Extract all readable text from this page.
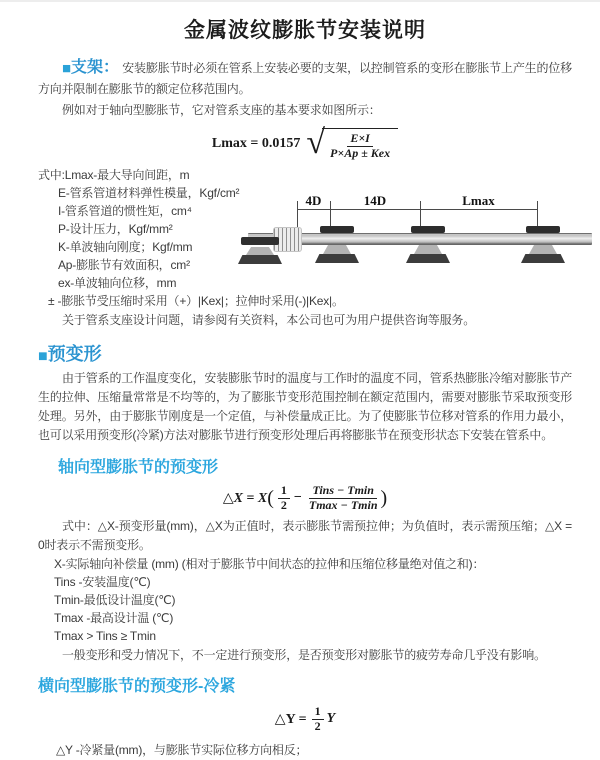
金属波纹膨胀节安装说明

■支架： 安装膨胀节时必须在管系上安装必要的支架，以控制管系的变形在膨胀节上产生的位移方向并限制在膨胀节的额定位移范围内。

例如对于轴向型膨胀节，它对管系支座的基本要求如图所示：

Lmax = 0.0157 √ $\frac{E\times I}{\text{P×Ap ± Kex}}$
式中:Lmax-最大导向间距，m
E-管系管道材料弹性模量，Kgf/cm²
I-管系管道的惯性矩，cm⁴
P-设计压力，Kgf/mm²
K-单波轴向刚度；Kgf/mm
Ap-膨胀节有效面积，cm²
ex-单波轴向位移，mm
± -膨胀节受压缩时采用（+）|Kex|；拉伸时采用(-)|Kex|。
关于管系支座设计问题，请参阅有关资料，本公司也可为用户提供咨询等服务。
■预变形

由于管系的工作温度变化，安装膨胀节时的温度与工作时的温度不同，管系热膨胀冷缩对膨胀节产生的拉伸、压缩量常常是不均等的，为了膨胀节变形范围控制在额定范围内，需要对膨胀节采取预变形处理。另外，由于膨胀节刚度是一个定值，与补偿量成正比。为了使膨胀节位移对管系的作用力最小，也可以采用预变形(冷紧)方法对膨胀节进行预变形处理后再将膨胀节在预变形状态下安装在管系中。

轴向型膨胀节的预变形
△X = X ( $\frac{1}{2} - \frac{\text{Tins − Tmin}}{Tmax - Tmin}$ )

式中：△X-预变形量(mm)，△X为正值时，表示膨胀节需预拉伸；为负值时，表示需预压缩；△X = 0时表示不需预变形。

X-实际轴向补偿量 (mm) (相对于膨胀节中间状态的拉伸和压缩位移量绝对值之和)：
Tins -安装温度(℃)
Tmin-最低设计温度(℃)
Tmax -最高设计温 (℃)
Tmax > Tins ≥ Tmin

一般变形和受力情况下，不一定进行预变形，是否预变形对膨胀节的疲劳寿命几乎没有影响。

横向型膨胀节的预变形-冷紧
△Y = $\frac{1}{2}$ Y

△Y -冷紧量(mm)，与膨胀节实际位移方向相反；

4D	14D	Lmax
